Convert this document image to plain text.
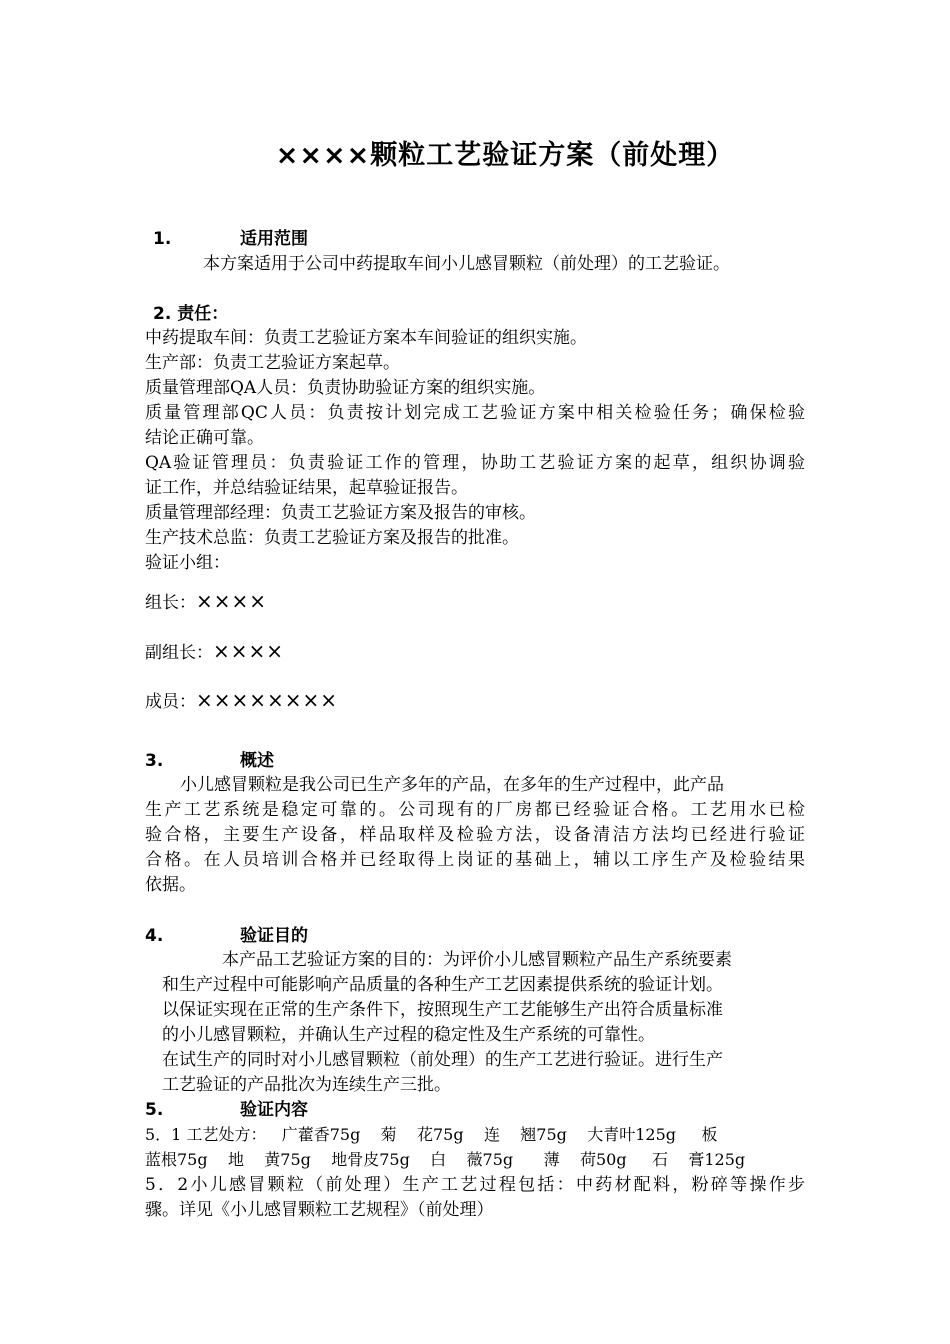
××××颗粒工艺验证方案（前处理）
1.	适用范围
本方案适用于公司中药提取车间小儿感冒颗粒（前处理）的工艺验证。
2. 责任：
中药提取车间：负责工艺验证方案本车间验证的组织实施。
生产部：负责工艺验证方案起草。
质量管理部QA人员：负责协助验证方案的组织实施。
质量管理部QC人员：负责按计划完成工艺验证方案中相关检验任务；确保检验
结论正确可靠。
QA验证管理员：负责验证工作的管理，协助工艺验证方案的起草，组织协调验
证工作，并总结验证结果，起草验证报告。
质量管理部经理：负责工艺验证方案及报告的审核。
生产技术总监：负责工艺验证方案及报告的批准。
验证小组：
组长：××××
副组长：××××
成员：××××××××
3.	概述
小儿感冒颗粒是我公司已生产多年的产品，在多年的生产过程中，此产品
生产工艺系统是稳定可靠的。公司现有的厂房都已经验证合格。工艺用水已检
验合格，主要生产设备，样品取样及检验方法，设备清洁方法均已经进行验证
合格。在人员培训合格并已经取得上岗证的基础上，辅以工序生产及检验结果
依据。
4.	验证目的
本产品工艺验证方案的目的：为评价小儿感冒颗粒产品生产系统要素
和生产过程中可能影响产品质量的各种生产工艺因素提供系统的验证计划。
以保证实现在正常的生产条件下，按照现生产工艺能够生产出符合质量标准
的小儿感冒颗粒，并确认生产过程的稳定性及生产系统的可靠性。
在试生产的同时对小儿感冒颗粒（前处理）的生产工艺进行验证。进行生产
工艺验证的产品批次为连续生产三批。
5.	验证内容
5．1 工艺处方：   广藿香75g    菊    花75g    连    翘75g    大青叶125g     板
蓝根75g    地    黄75g    地骨皮75g    白    薇75g      薄    荷50g     石    膏125g
5．2小儿感冒颗粒（前处理）生产工艺过程包括：中药材配料，粉碎等操作步
骤。详见《小儿感冒颗粒工艺规程》（前处理）
